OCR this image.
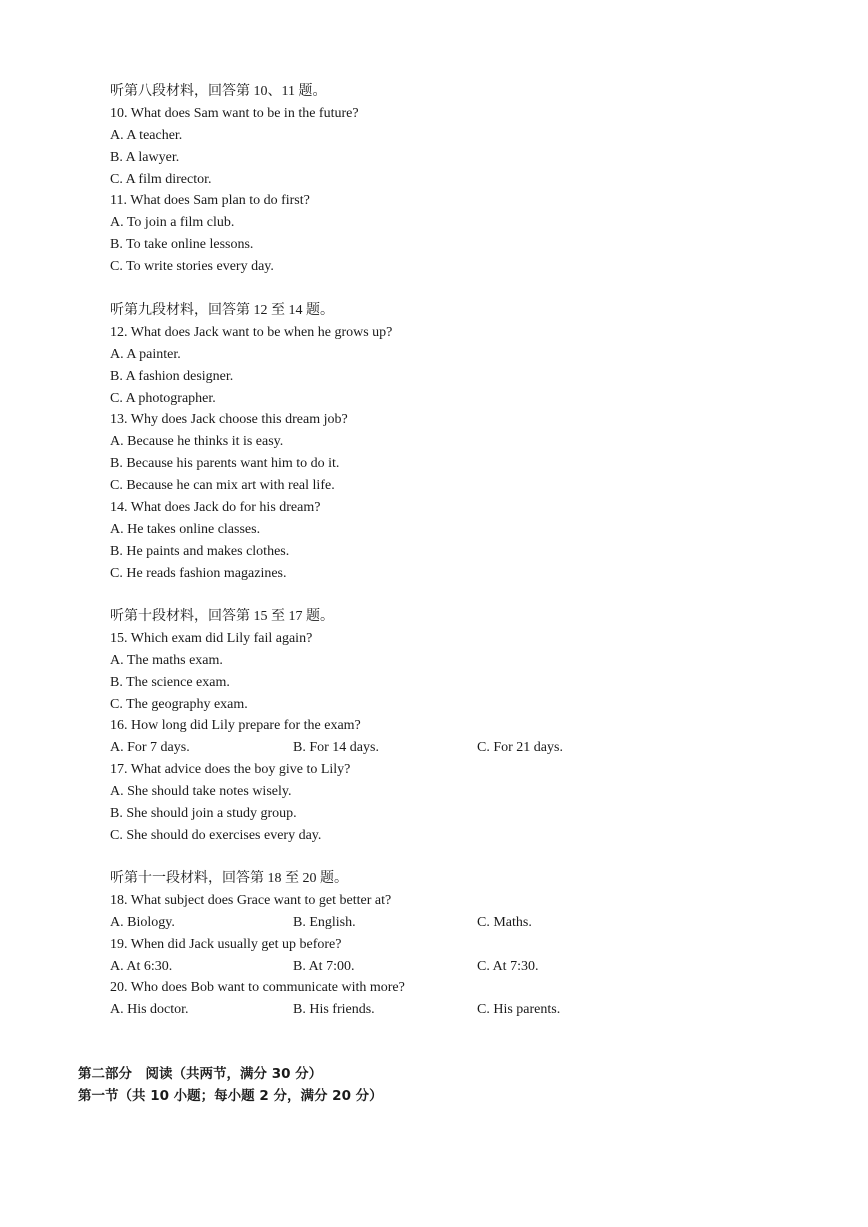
听第八段材料，回答第 10、11 题。
10. What does Sam want to be in the future?
A. A teacher.
B. A lawyer.
C. A film director.
11. What does Sam plan to do first?
A. To join a film club.
B. To take online lessons.
C. To write stories every day.
听第九段材料，回答第 12 至 14 题。
12. What does Jack want to be when he grows up?
A. A painter.
B. A fashion designer.
C. A photographer.
13. Why does Jack choose this dream job?
A. Because he thinks it is easy.
B. Because his parents want him to do it.
C. Because he can mix art with real life.
14. What does Jack do for his dream?
A. He takes online classes.
B. He paints and makes clothes.
C. He reads fashion magazines.
听第十段材料，回答第 15 至 17 题。
15. Which exam did Lily fail again?
A. The maths exam.
B. The science exam.
C. The geography exam.
16. How long did Lily prepare for the exam?
A. For 7 days.	B. For 14 days.	C. For 21 days.
17. What advice does the boy give to Lily?
A. She should take notes wisely.
B. She should join a study group.
C. She should do exercises every day.
听第十一段材料，回答第 18 至 20 题。
18. What subject does Grace want to get better at?
A. Biology.	B. English.	C. Maths.
19. When did Jack usually get up before?
A. At 6:30.	B. At 7:00.	C. At 7:30.
20. Who does Bob want to communicate with more?
A. His doctor.	B. His friends.	C. His parents.
第二部分　阅读（共两节，满分 30 分）
第一节（共 10 小题；每小题 2 分，满分 20 分）
